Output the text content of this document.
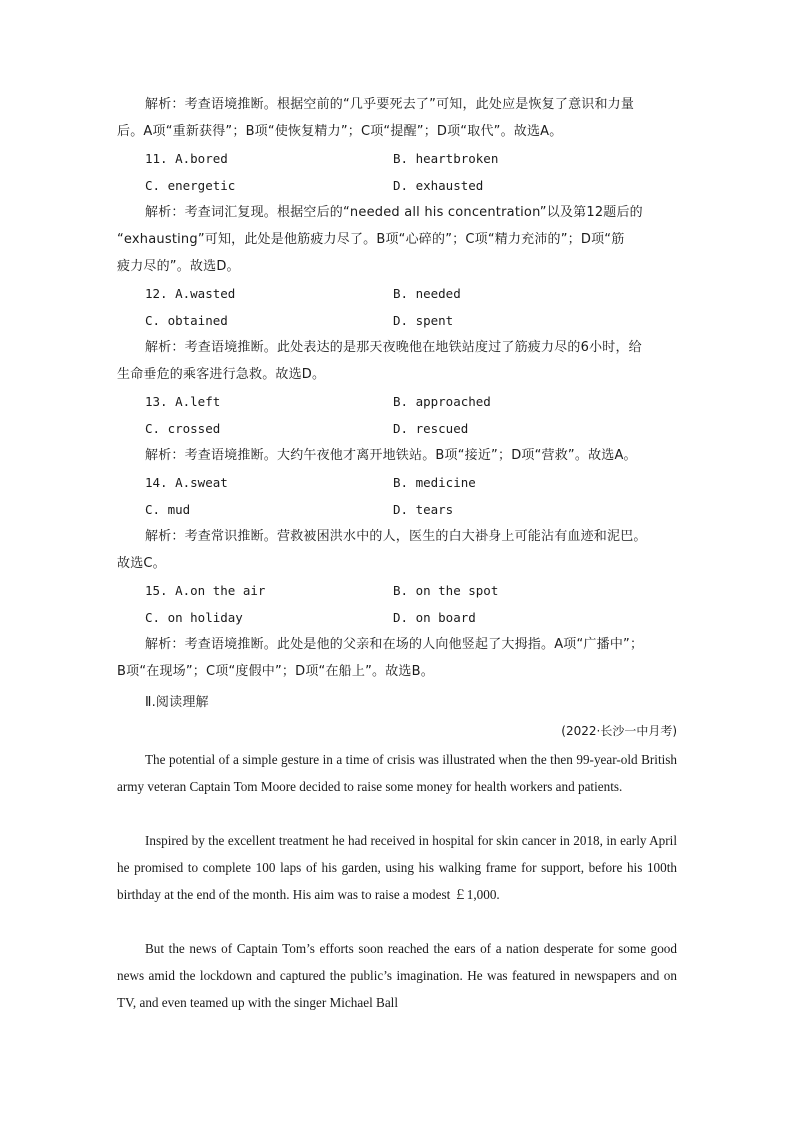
解析：考查语境推断。根据空前的“几乎要死去了”可知，此处应是恢复了意识和力量
后。A项“重新获得”；B项“使恢复精力”；C项“提醒”；D项“取代”。故选A。
11. A.bored	B. heartbroken
C. energetic	D. exhausted
解析：考查词汇复现。根据空后的“needed all his concentration”以及第12题后的
“exhausting”可知，此处是他筋疲力尽了。B项“心碎的”；C项“精力充沛的”；D项“筋
疲力尽的”。故选D。
12. A.wasted	B. needed
C. obtained	D. spent
解析：考查语境推断。此处表达的是那天夜晚他在地铁站度过了筋疲力尽的6小时，给
生命垂危的乘客进行急救。故选D。
13. A.left	B. approached
C. crossed	D. rescued
解析：考查语境推断。大约午夜他才离开地铁站。B项“接近”；D项“营救”。故选A。
14. A.sweat	B. medicine
C. mud	D. tears
解析：考查常识推断。营救被困洪水中的人，医生的白大褂身上可能沾有血迹和泥巴。
故选C。
15. A.on the air	B. on the spot
C. on holiday	D. on board
解析：考查语境推断。此处是他的父亲和在场的人向他竖起了大拇指。A项“广播中”；
B项“在现场”；C项“度假中”；D项“在船上”。故选B。
Ⅱ.阅读理解
(2022·长沙一中月考)
The potential of a simple gesture in a time of crisis was illustrated when the then 99-year-old British army veteran Captain Tom Moore decided to raise some money for health workers and patients.
Inspired by the excellent treatment he had received in hospital for skin cancer in 2018, in early April he promised to complete 100 laps of his garden, using his walking frame for support, before his 100th birthday at the end of the month. His aim was to raise a modest ￡1,000.
But the news of Captain Tom’s efforts soon reached the ears of a nation desperate for some good news amid the lockdown and captured the public’s imagination. He was featured in newspapers and on TV, and even teamed up with the singer Michael Ball
